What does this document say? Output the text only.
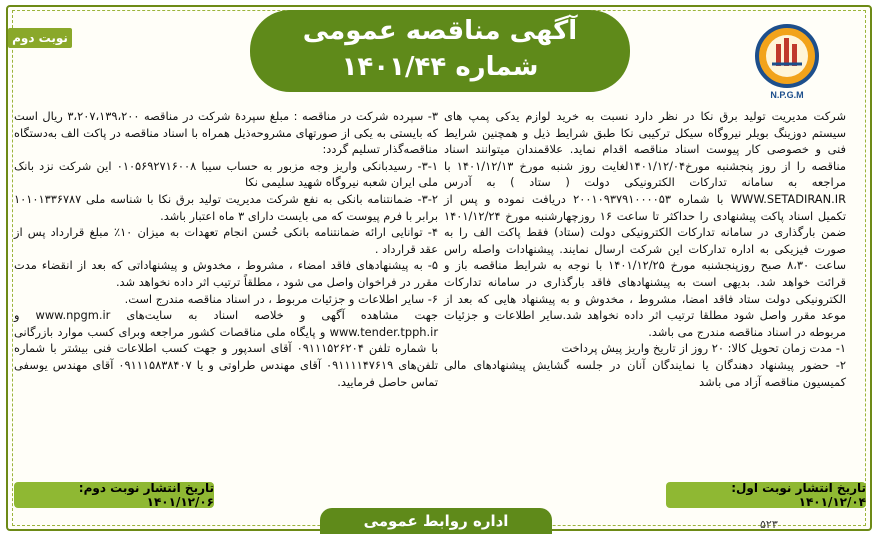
نوبت دوم	آگهی مناقصه عمومی
شماره ۱۴۰۱/۴۴
N.P.G.M

شرکت مدیریت تولید برق نکا در نظر دارد نسبت به خرید لوازم یدکی پمپ های سیستم دوزینگ بویلر نیروگاه سیکل ترکیبی نکا طبق شرایط ذیل و همچنین شرایط فنی و خصوصی کار پیوست اسناد مناقصه اقدام نماید. علاقمندان میتوانند اسناد مناقصه را از روز پنجشنبه مورخ۱۴۰۱/۱۲/۰۴لغایت روز شنبه مورخ ۱۴۰۱/۱۲/۱۳ با مراجعه به سامانه تدارکات الکترونیکی دولت ( ستاد ) به آدرس WWW.SETADIRAN.IR با شماره ۲۰۰۱۰۹۳۷۹۱۰۰۰۰۵۳ دریافت نموده و پس از تکمیل اسناد پاکت پیشنهادی را حداکثر تا ساعت ۱۶ روزچهارشنبه مورخ ۱۴۰۱/۱۲/۲۴ ضمن بارگذاری در سامانه تدارکات الکترونیکی دولت (ستاد) فقط پاکت الف را به صورت فیزیکی به اداره تدارکات این شرکت ارسال نمایند. پیشنهادات واصله راس ساعت ۸،۳۰ صبح روزپنجشنبه مورخ ۱۴۰۱/۱۲/۲۵ با نوجه به شرایط مناقصه باز و قرائت خواهد شد. بدیهی است به پیشنهادهای فاقد بارگذاری در سامانه تدارکات الکترونیکی دولت ستاد فاقد امضا، مشروط ، مخدوش و به پیشنهاد هایی که بعد از موعد مقرر واصل شود مطلقا ترتیب اثر داده نخواهد شد.سایر اطلاعات و جزئیات مربوطه در اسناد مناقصه مندرج می باشد.

۱- مدت زمان تحویل کالا: ۲۰ روز از تاریخ واریز پیش پرداخت

۲- حضور پیشنهاد دهندگان یا نمایندگان آنان در جلسه گشایش پیشنهادهای مالی کمیسیون مناقصه آزاد می باشد

۳- سپرده شرکت در مناقصه : مبلغ سپردهٔ شرکت در مناقصه ۳،۲۰۷،۱۳۹،۲۰۰ ریال است که بایستی به یکی از صورتهای مشروحه‌ذیل همراه با اسناد مناقصه در پاکت الف به‌دستگاه مناقصه‌گذار تسلیم گردد:

۳-۱- رسیدبانکی واریز وجه مزبور به حساب سیبا ۰۱۰۵۶۹۲۷۱۶۰۰۸ این شرکت نزد بانک ملی ایران شعبه نیروگاه شهید سلیمی نکا

۳-۲- ضمانتنامه بانکی به نفع شرکت مدیریت تولید برق نکا با شناسه ملی ۱۰۱۰۱۳۳۶۷۸۷ برابر با فرم پیوست که می بایست دارای ۳ ماه اعتبار باشد.

۴- توانایی ارائه ضمانتنامه بانکی حُسن انجام تعهدات به میزان ۱۰٪ مبلغ قرارداد پس از عقد قرارداد .

۵- به پیشنهادهای فاقد امضاء ، مشروط ، مخدوش و پیشنهاداتی که بعد از انقضاء مدت مقرر در فراخوان واصل می شود ، مطلقاً ترتیب اثر داده نخواهد شد.

۶- سایر اطلاعات و جزئیات مربوط ، در اسناد مناقصه مندرج است.

جهت مشاهده آگهی و خلاصه اسناد به سایت‌های www.npgm.ir و www.tender.tpph.ir و پایگاه ملی مناقصات کشور مراجعه وبرای کسب موارد بازرگانی با شماره تلفن ۰۹۱۱۱۵۲۶۲۰۴ آقای اسدپور و جهت کسب اطلاعات فنی بیشتر با شماره تلفن‌های ۰۹۱۱۱۱۴۷۶۱۹ آقای مهندس طراوتی و یا ۰۹۱۱۱۵۸۳۸۴۰۷ آقای مهندس یوسفی تماس حاصل فرمایید.

تاریخ انتشار نوبت اول: ۱۴۰۱/۱۲/۰۴
تاریخ انتشار نوبت دوم: ۱۴۰۱/۱۲/۰۶
اداره روابط عمومی	۵۲۳
